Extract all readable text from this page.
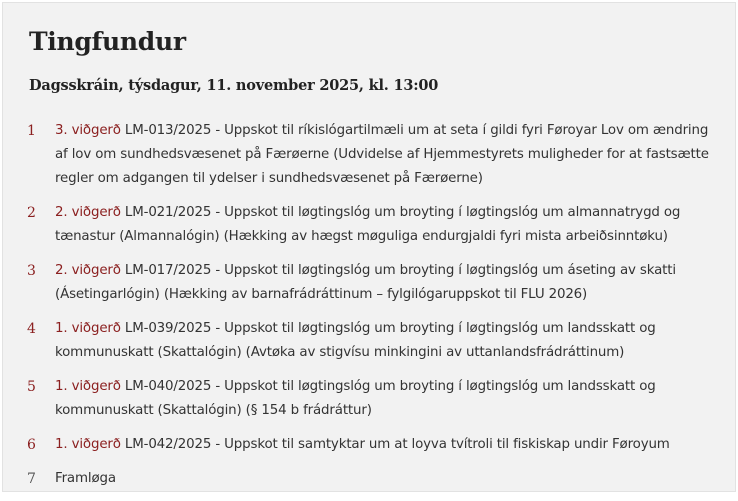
Tingfundur
Dagsskráin, týsdagur, 11. november 2025, kl. 13:00
1 3. viðgerð LM-013/2025 - Uppskot til ríkislógartilmæli um at seta í gildi fyri Føroyar Lov om ændring af lov om sundhedsvæsenet på Færøerne (Udvidelse af Hjemmestyrets muligheder for at fastsætte regler om adgangen til ydelser i sundhedsvæsenet på Færøerne)
2 2. viðgerð LM-021/2025 - Uppskot til løgtingslóg um broyting í løgtingslóg um almannatrygd og tænastur (Almannalógin) (Hækking av hægst møguliga endurgjaldi fyri mista arbeiðsinntøku)
3 2. viðgerð LM-017/2025 - Uppskot til løgtingslóg um broyting í løgtingslóg um áseting av skatti (Ásetingarlógin) (Hækking av barnafrádráttinum – fylgilógaruppskot til FLU 2026)
4 1. viðgerð LM-039/2025 - Uppskot til løgtingslóg um broyting í løgtingslóg um landsskatt og kommunuskatt (Skattalógin) (Avtøka av stigvísu minkingini av uttanlandsfrádráttinum)
5 1. viðgerð LM-040/2025 - Uppskot til løgtingslóg um broyting í løgtingslóg um landsskatt og kommunuskatt (Skattalógin) (§ 154 b frádráttur)
6 1. viðgerð LM-042/2025 - Uppskot til samtyktar um at loyva tvítroli til fiskiskap undir Føroyum
7 Framløga
